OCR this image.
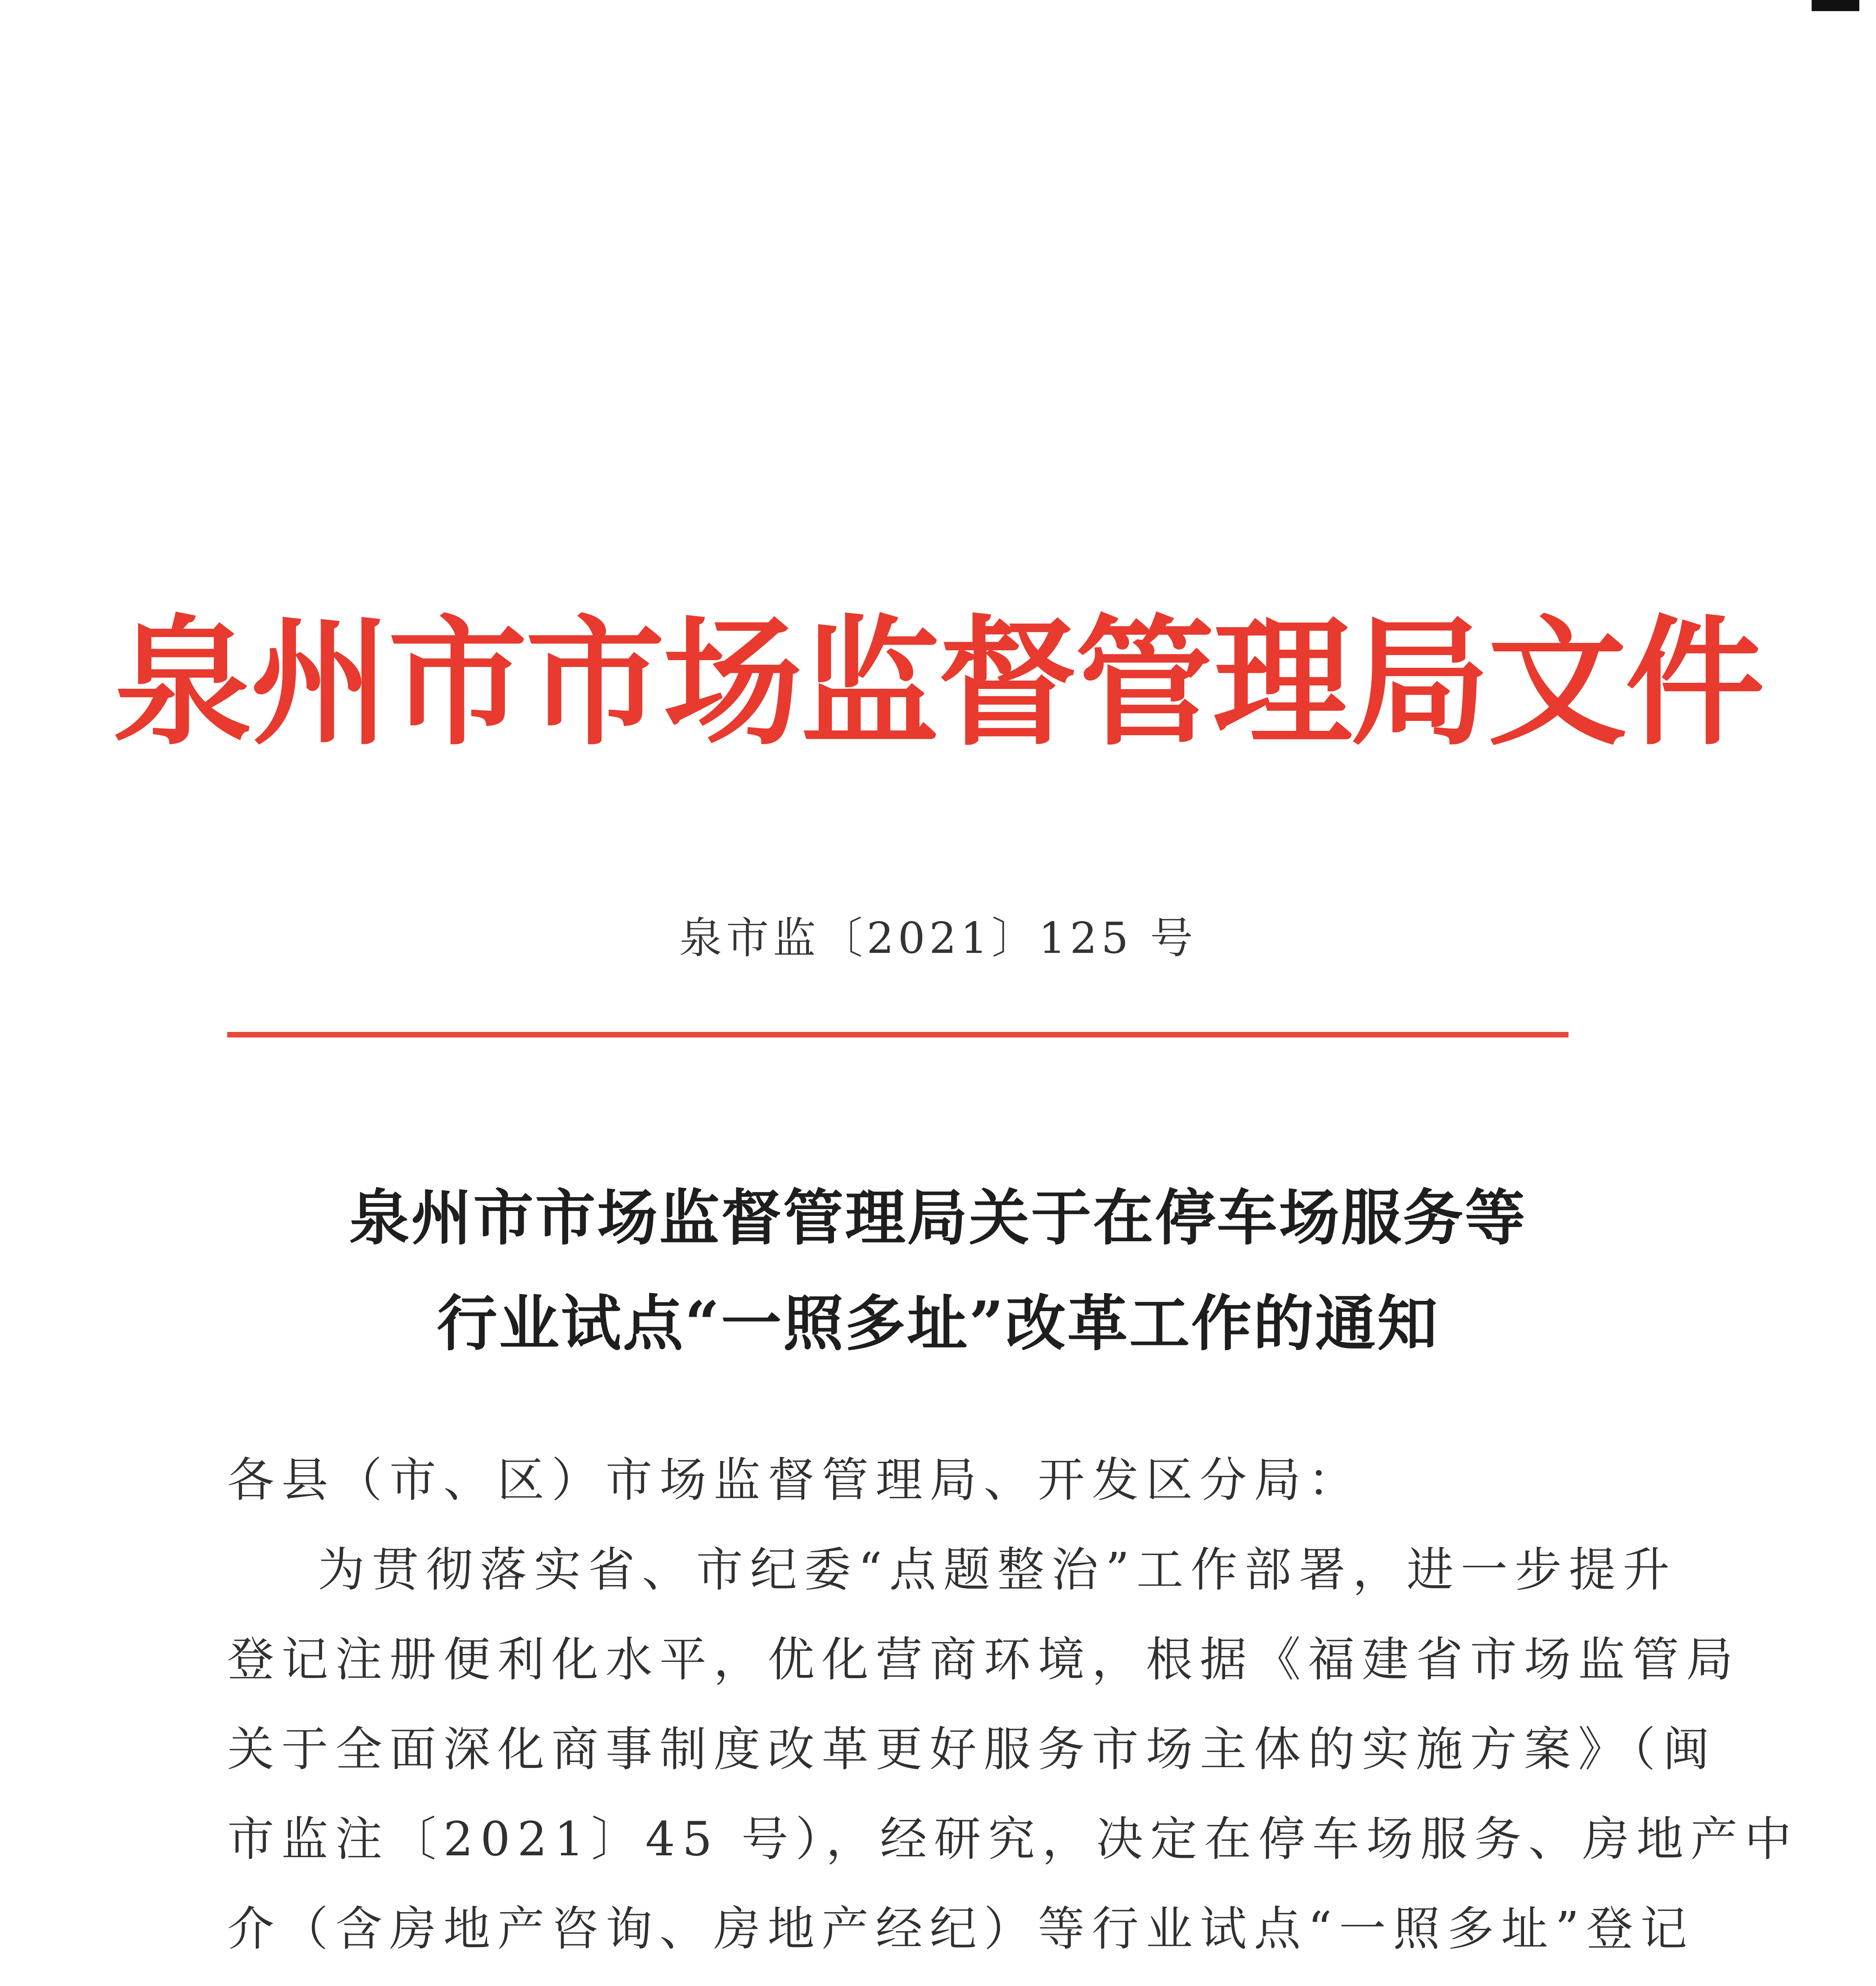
泉州市市场监督管理局文件
泉市监〔2021〕125 号
泉州市市场监督管理局关于在停车场服务等
行业试点“一照多址”改革工作的通知
各县（市、区）市场监督管理局、开发区分局：
为贯彻落实省、市纪委“点题整治”工作部署，进一步提升
登记注册便利化水平，优化营商环境，根据《福建省市场监管局
关于全面深化商事制度改革更好服务市场主体的实施方案》（闽
市监注〔2021〕45 号），经研究，决定在停车场服务、房地产中
介（含房地产咨询、房地产经纪）等行业试点“一照多址”登记
